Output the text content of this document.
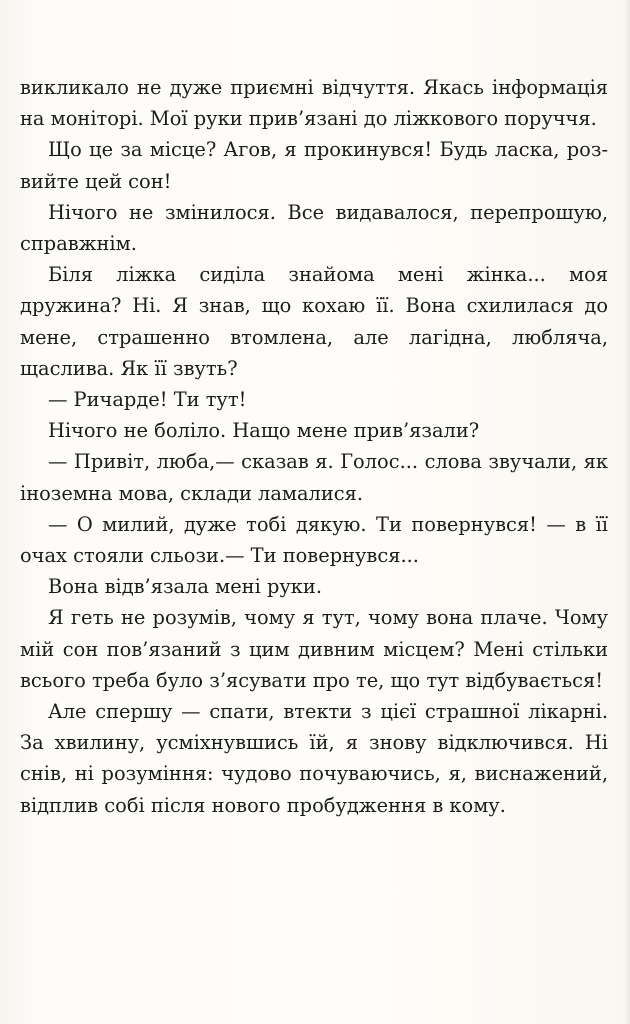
викликало не дуже приємні відчуття. Якась інформація на моніторі. Мої руки прив’язані до ліжкового поруччя.

Що це за місце? Агов, я прокинувся! Будь ласка, розвийте цей сон!

Нічого не змінилося. Все видавалося, перепрошую, справжнім.

Біля ліжка сиділа знайома мені жінка... моя дружина? Ні. Я знав, що кохаю її. Вона схилилася до мене, страшенно втомлена, але лагідна, любляча, щаслива. Як її звуть?

— Ричарде! Ти тут!

Нічого не боліло. Нащо мене прив’язали?

— Привіт, люба,— сказав я. Голос... слова звучали, як іноземна мова, склади ламалися.

— О милий, дуже тобі дякую. Ти повернувся! — в її очах стояли сльози.— Ти повернувся...

Вона відв’язала мені руки.

Я геть не розумів, чому я тут, чому вона плаче. Чому мій сон пов’язаний з цим дивним місцем? Мені стільки всього треба було з’ясувати про те, що тут відбувається!

Але спершу — спати, втекти з цієї страшної лікарні. За хвилину, усміхнувшись їй, я знову відключився. Ні снів, ні розуміння: чудово почуваючись, я, виснажений, відплив собі після нового пробудження в кому.
